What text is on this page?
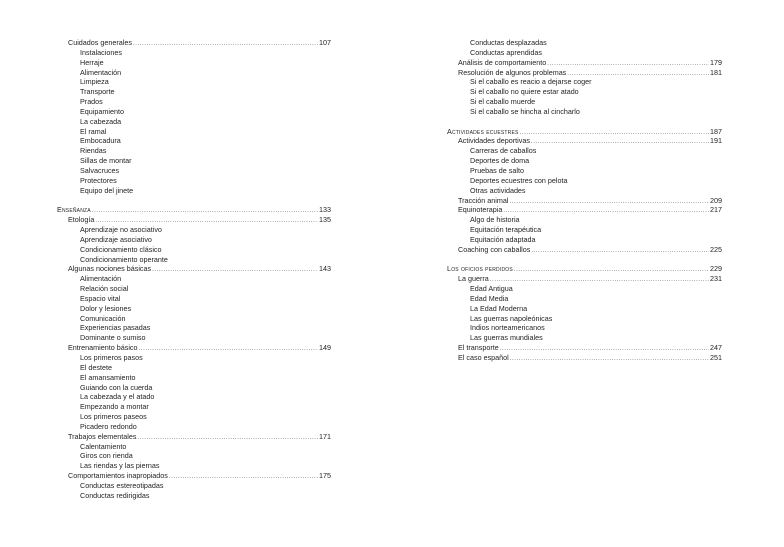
Cuidados generales .....	107
Instalaciones
Herraje
Alimentación
Limpieza
Transporte
Prados
Equipamiento
La cabezada
El ramal
Embocadura
Riendas
Sillas de montar
Salvacruces
Protectores
Equipo del jinete
Enseñanza .....	133
Etología .....	135
Aprendizaje no asociativo
Aprendizaje asociativo
Condicionamiento clásico
Condicionamiento operante
Algunas nociones básicas .....	143
Alimentación
Relación social
Espacio vital
Dolor y lesiones
Comunicación
Experiencias pasadas
Dominante o sumiso
Entrenamiento básico .....	149
Los primeros pasos
El destete
El amansamiento
Guiando con la cuerda
La cabezada y el atado
Empezando a montar
Los primeros paseos
Picadero redondo
Trabajos elementales .....	171
Calentamiento
Giros con rienda
Las riendas y las piernas
Comportamientos inapropiados .....	175
Conductas estereotipadas
Conductas redirigidas
Conductas desplazadas
Conductas aprendidas
Análisis de comportamiento .....	179
Resolución de algunos problemas .....	181
Si el caballo es reacio a dejarse coger
Si el caballo no quiere estar atado
Si el caballo muerde
Si el caballo se hincha al cincharlo
Actividades ecuestres .....	187
Actividades deportivas .....	191
Carreras de caballos
Deportes de doma
Pruebas de salto
Deportes ecuestres con pelota
Otras actividades
Tracción animal .....	209
Equinoterapia .....	217
Algo de historia
Equitación terapéutica
Equitación adaptada
Coaching con caballos .....	225
Los oficios perdidos .....	229
La guerra .....	231
Edad Antigua
Edad Media
La Edad Moderna
Las guerras napoleónicas
Indios norteamericanos
Las guerras mundiales
El transporte .....	247
El caso español .....	251
